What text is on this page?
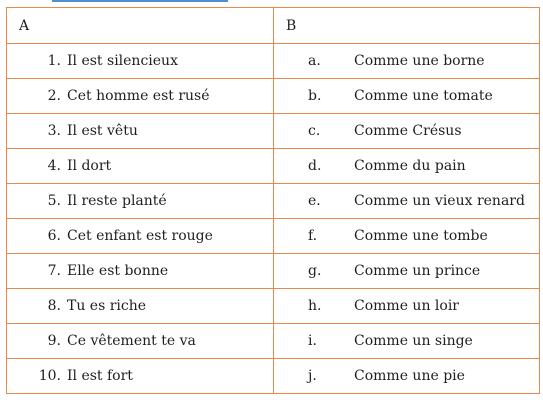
A	B

1. Il est silencieux	a. Comme une borne

2. Cet homme est rusé	b. Comme une tomate

3. Il est vêtu	c. Comme Crésus

4. Il dort	d. Comme du pain

5. Il reste planté	e. Comme un vieux renard

6. Cet enfant est rouge	f. Comme une tombe

7. Elle est bonne	g. Comme un prince

8. Tu es riche	h. Comme un loir

9. Ce vêtement te va	i. Comme un singe

10. Il est fort	j. Comme une pie
